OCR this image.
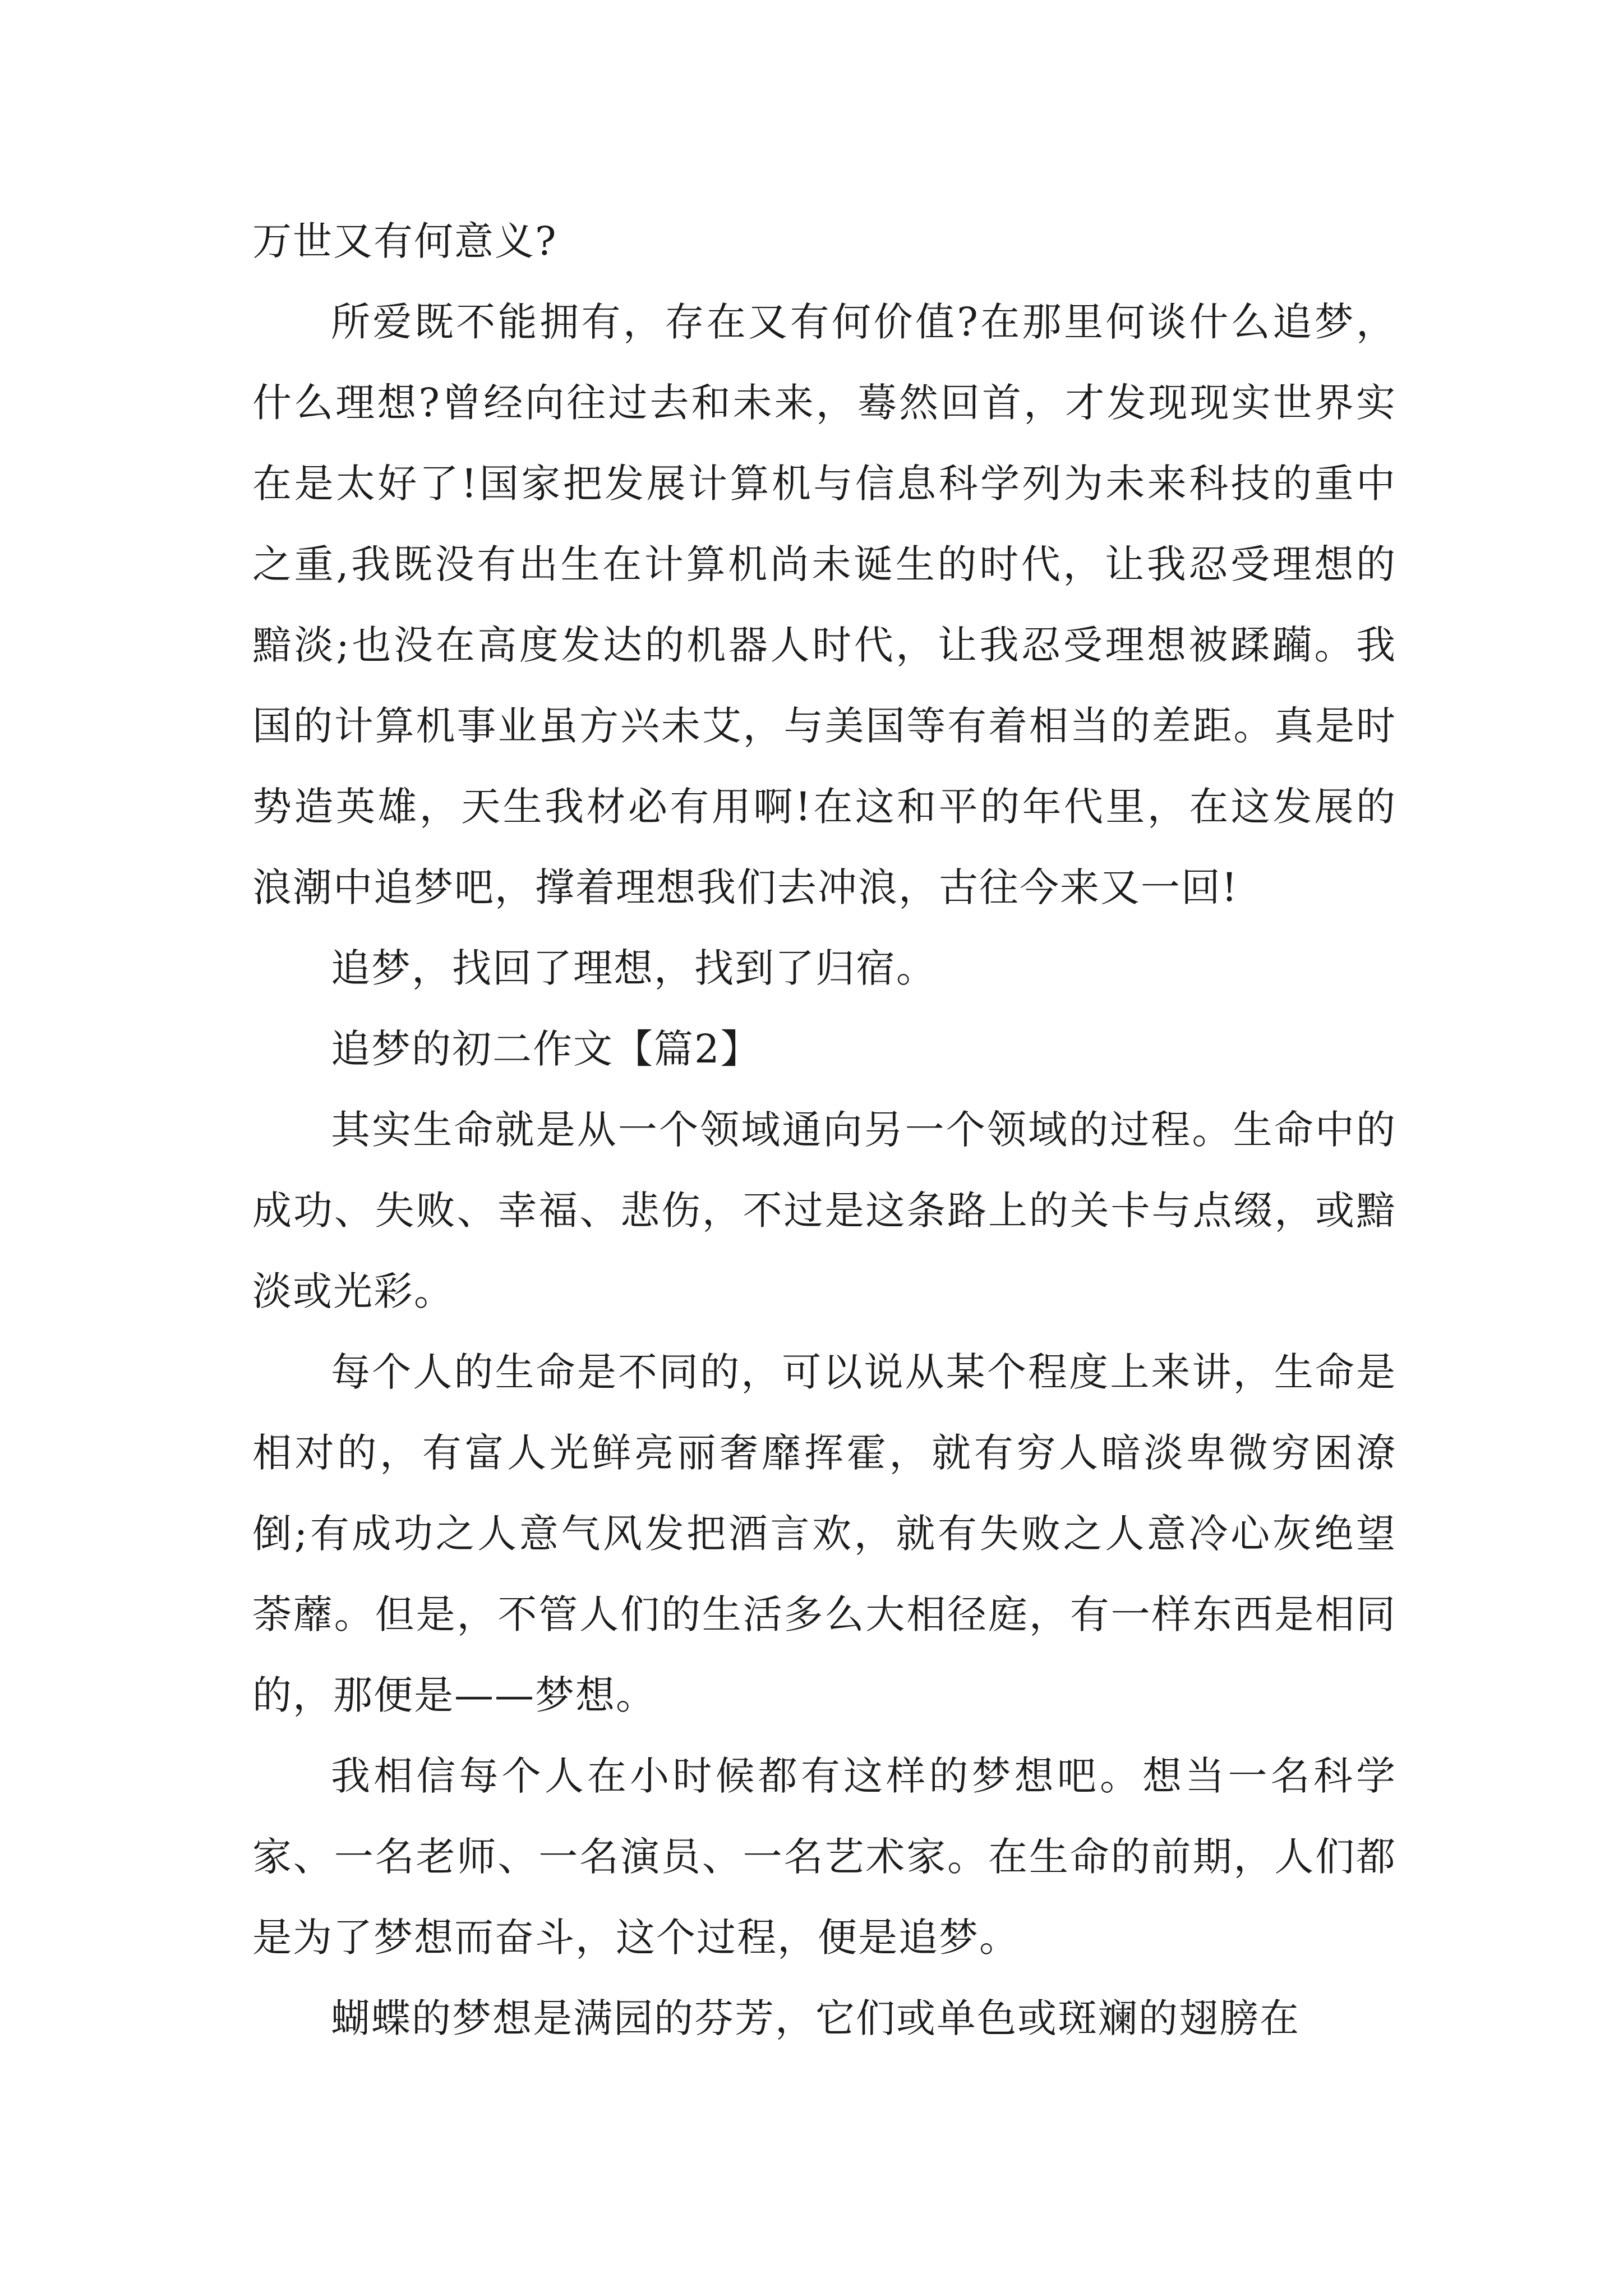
万世又有何意义?

所爱既不能拥有，存在又有何价值?在那里何谈什么追梦，什么理想?曾经向往过去和未来，蓦然回首，才发现现实世界实在是太好了!国家把发展计算机与信息科学列为未来科技的重中之重,我既没有出生在计算机尚未诞生的时代，让我忍受理想的黯淡;也没在高度发达的机器人时代，让我忍受理想被蹂躏。我国的计算机事业虽方兴未艾，与美国等有着相当的差距。真是时势造英雄，天生我材必有用啊!在这和平的年代里，在这发展的浪潮中追梦吧，撑着理想我们去冲浪，古往今来又一回!

追梦，找回了理想，找到了归宿。

追梦的初二作文【篇2】

其实生命就是从一个领域通向另一个领域的过程。生命中的成功、失败、幸福、悲伤，不过是这条路上的关卡与点缀，或黯淡或光彩。

每个人的生命是不同的，可以说从某个程度上来讲，生命是相对的，有富人光鲜亮丽奢靡挥霍，就有穷人暗淡卑微穷困潦倒;有成功之人意气风发把酒言欢，就有失败之人意冷心灰绝望荼蘼。但是，不管人们的生活多么大相径庭，有一样东西是相同的，那便是——梦想。

我相信每个人在小时候都有这样的梦想吧。想当一名科学家、一名老师、一名演员、一名艺术家。在生命的前期，人们都是为了梦想而奋斗，这个过程，便是追梦。

蝴蝶的梦想是满园的芬芳，它们或单色或斑斓的翅膀在
